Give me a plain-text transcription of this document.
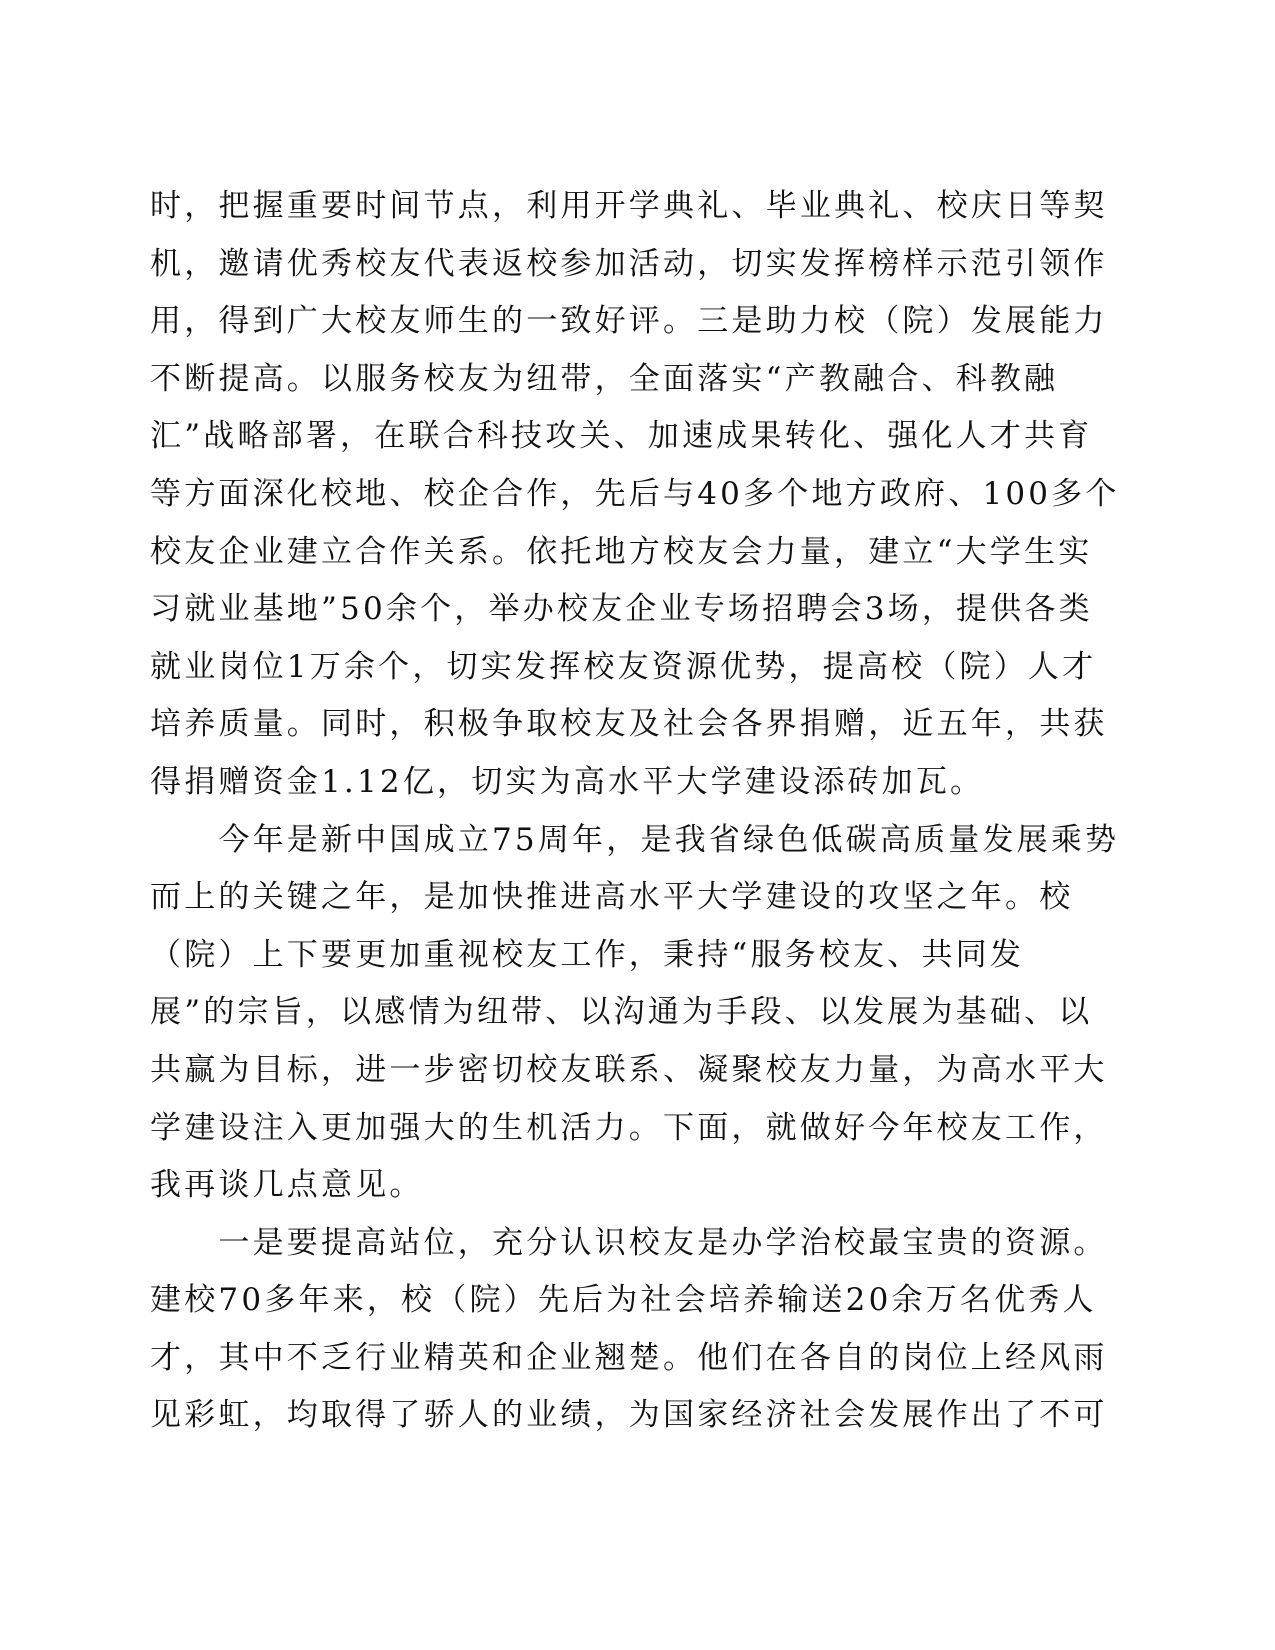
时，把握重要时间节点，利用开学典礼、毕业典礼、校庆日等契
机，邀请优秀校友代表返校参加活动，切实发挥榜样示范引领作
用，得到广大校友师生的一致好评。三是助力校（院）发展能力
不断提高。以服务校友为纽带，全面落实“产教融合、科教融
汇”战略部署，在联合科技攻关、加速成果转化、强化人才共育
等方面深化校地、校企合作，先后与40多个地方政府、100多个
校友企业建立合作关系。依托地方校友会力量，建立“大学生实
习就业基地”50余个，举办校友企业专场招聘会3场，提供各类
就业岗位1万余个，切实发挥校友资源优势，提高校（院）人才
培养质量。同时，积极争取校友及社会各界捐赠，近五年，共获
得捐赠资金1.12亿，切实为高水平大学建设添砖加瓦。
　　今年是新中国成立75周年，是我省绿色低碳高质量发展乘势
而上的关键之年，是加快推进高水平大学建设的攻坚之年。校
（院）上下要更加重视校友工作，秉持“服务校友、共同发
展”的宗旨，以感情为纽带、以沟通为手段、以发展为基础、以
共赢为目标，进一步密切校友联系、凝聚校友力量，为高水平大
学建设注入更加强大的生机活力。下面，就做好今年校友工作，
我再谈几点意见。
　　一是要提高站位，充分认识校友是办学治校最宝贵的资源。
建校70多年来，校（院）先后为社会培养输送20余万名优秀人
才，其中不乏行业精英和企业翘楚。他们在各自的岗位上经风雨
见彩虹，均取得了骄人的业绩，为国家经济社会发展作出了不可
